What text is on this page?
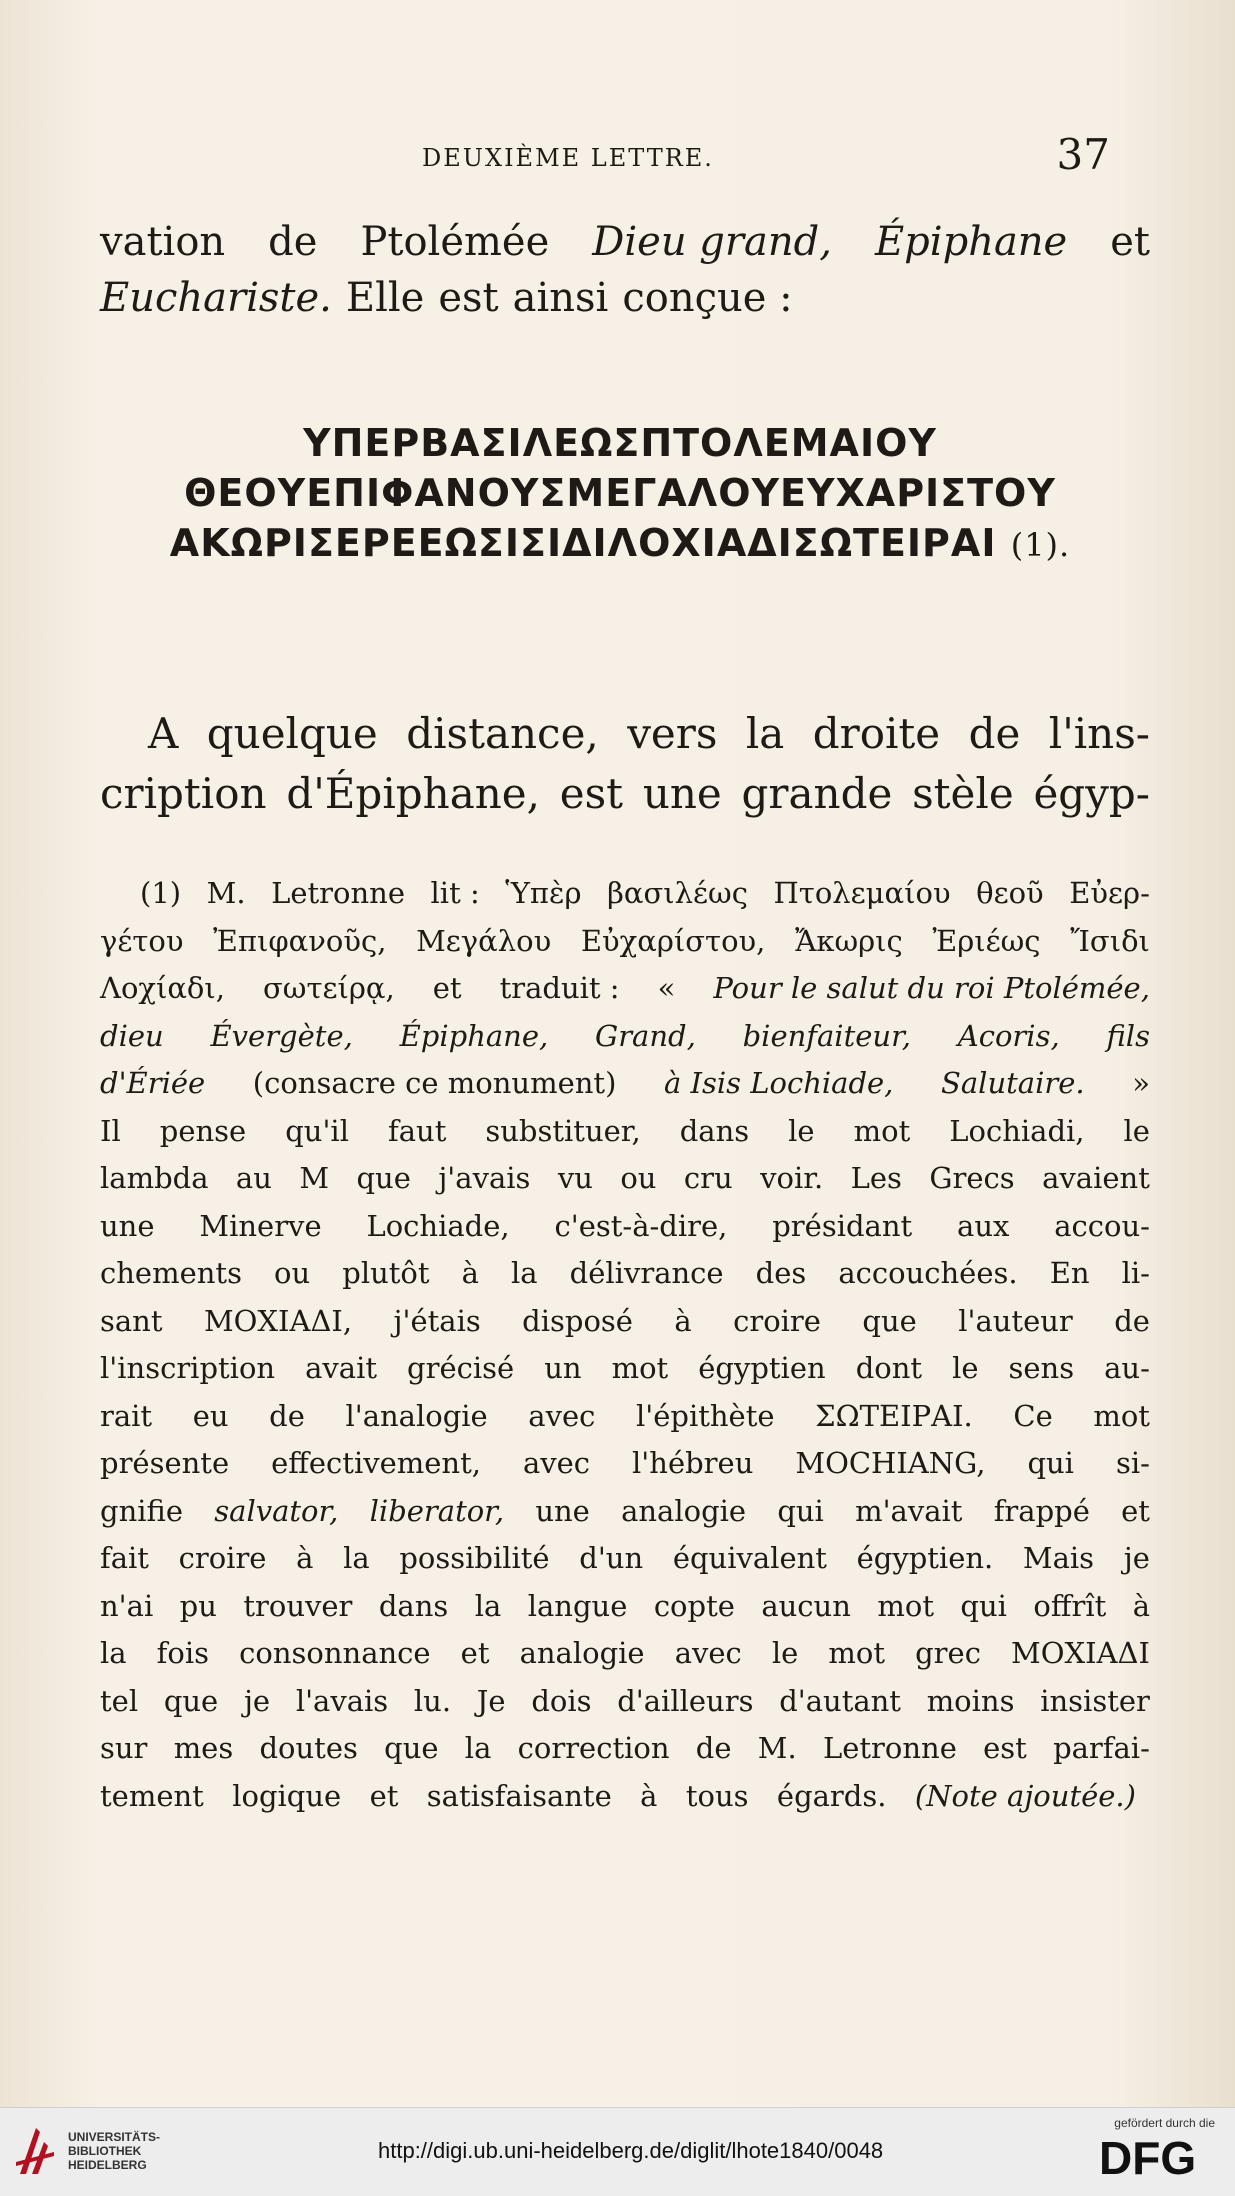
DEUXIÈME LETTRE.	37
vation de Ptolémée Dieu grand, Épiphane et
Euchariste. Elle est ainsi conçue :
ΥΠΕΡΒΑΣΙΛΕΩΣΠΤΟΛΕΜΑΙΟΥ
ΘΕΟΥΕΠΙΦΑΝΟΥΣΜΕΓΑΛΟΥΕΥΧΑΡΙΣΤΟΥ
ΑΚΩΡΙΣΕΡΕΕΩΣΙΣΙΔΙΛΟΧΙΑΔΙΣΩΤΕΙΡΑΙ (1).
A quelque distance, vers la droite de l'ins-
cription d'Épiphane, est une grande stèle égyp-
(1) M. Letronne lit : Ὑπὲρ βασιλέως Πτολεμαίου θεοῦ Εὐερ-
γέτου Ἐπιφανοῦς, Μεγάλου Εὐχαρίστου, Ἄκωρις Ἐριέως Ἴσιδι
Λοχίαδι, σωτείρᾳ, et traduit : « Pour le salut du roi Ptolémée,
dieu Évergète, Épiphane, Grand, bienfaiteur, Acoris, fils
d'Ériée (consacre ce monument) à Isis Lochiade, Salutaire. »
Il pense qu'il faut substituer, dans le mot Lochiadi, le
lambda au M que j'avais vu ou cru voir. Les Grecs avaient
une Minerve Lochiade, c'est-à-dire, présidant aux accou-
chements ou plutôt à la délivrance des accouchées. En li-
sant ΜΟΧΙΑΔΙ, j'étais disposé à croire que l'auteur de
l'inscription avait grécisé un mot égyptien dont le sens au-
rait eu de l'analogie avec l'épithète ΣΩΤΕΙΡΑΙ. Ce mot
présente effectivement, avec l'hébreu MOCHIANG, qui si-
gnifie salvator, liberator, une analogie qui m'avait frappé et
fait croire à la possibilité d'un équivalent égyptien. Mais je
n'ai pu trouver dans la langue copte aucun mot qui offrît à
la fois consonnance et analogie avec le mot grec ΜΟΧΙΑΔΙ
tel que je l'avais lu. Je dois d'ailleurs d'autant moins insister
sur mes doutes que la correction de M. Letronne est parfai-
tement logique et satisfaisante à tous égards. (Note ajoutée.)
UNIVERSITÄTS-
BIBLIOTHEK
HEIDELBERG
http://digi.ub.uni-heidelberg.de/diglit/lhote1840/0048
gefördert durch die
DFG
